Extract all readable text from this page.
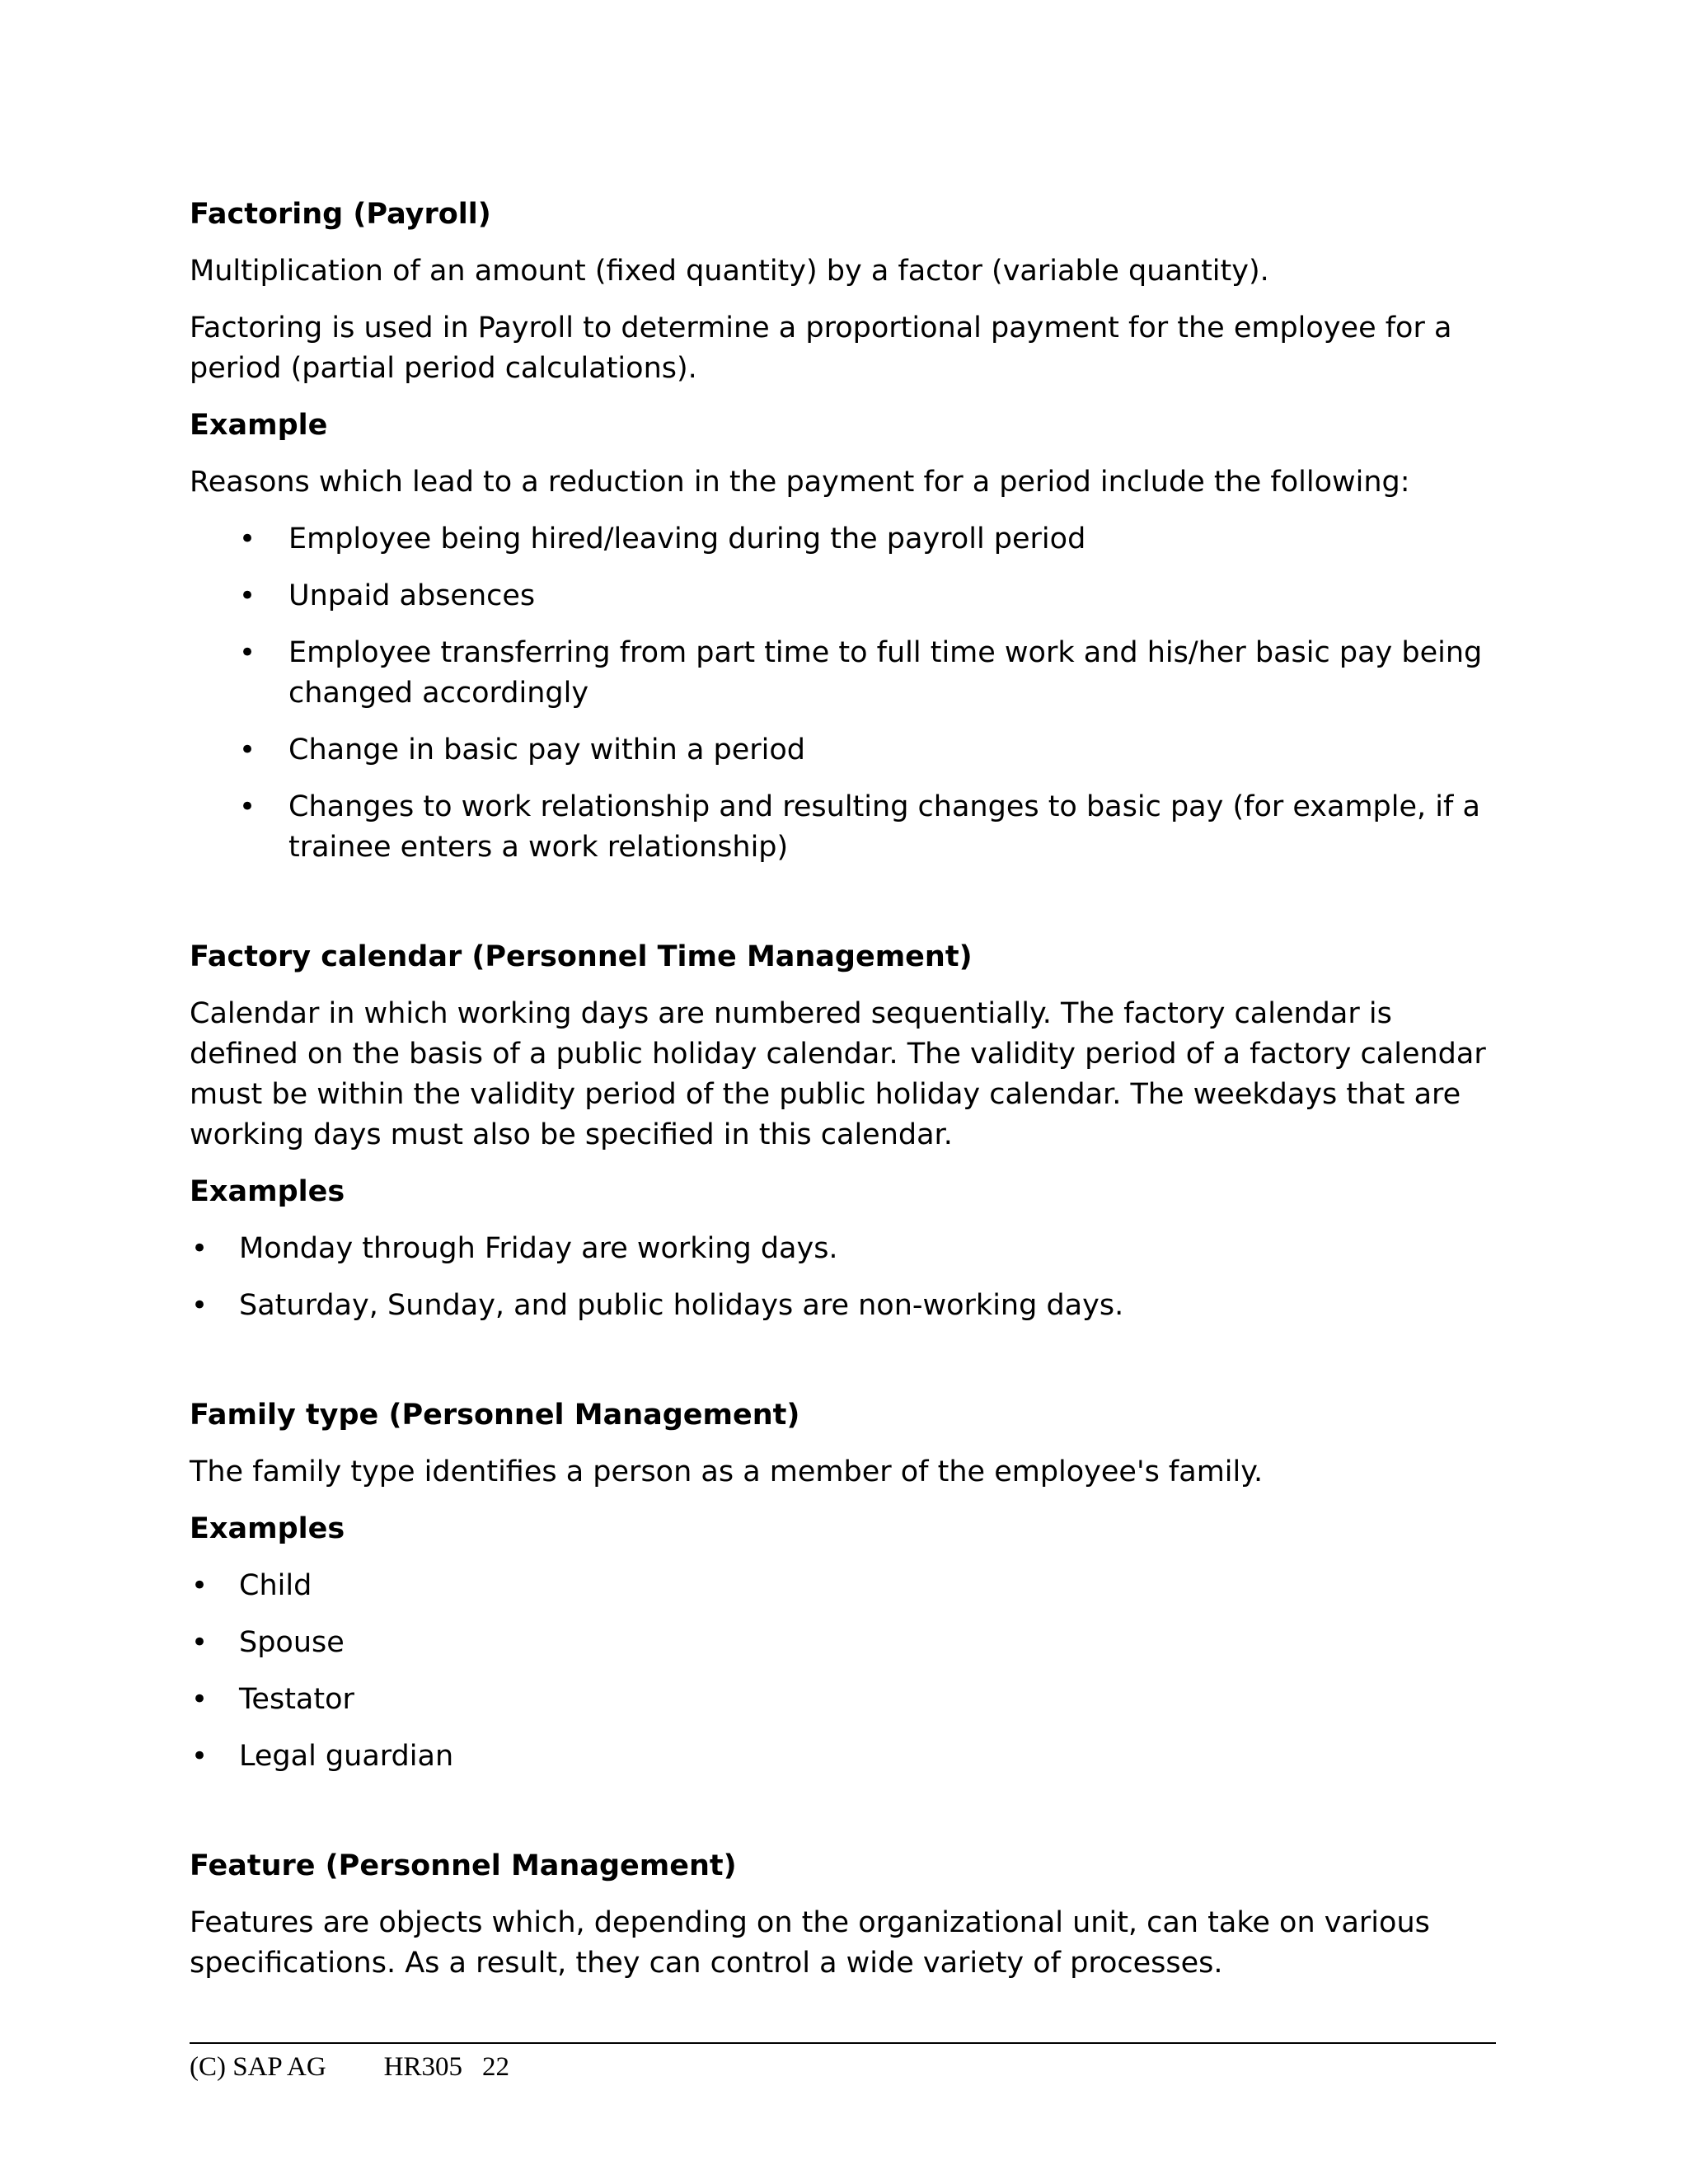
Factoring (Payroll)

Multiplication of an amount (fixed quantity) by a factor (variable quantity).

Factoring is used in Payroll to determine a proportional payment for the employee for a period (partial period calculations).

Example

Reasons which lead to a reduction in the payment for a period include the following:

• Employee being hired/leaving during the payroll period
• Unpaid absences
• Employee transferring from part time to full time work and his/her basic pay being changed accordingly
• Change in basic pay within a period
• Changes to work relationship and resulting changes to basic pay (for example, if a trainee enters a work relationship)

Factory calendar (Personnel Time Management)

Calendar in which working days are numbered sequentially. The factory calendar is defined on the basis of a public holiday calendar. The validity period of a factory calendar must be within the validity period of the public holiday calendar. The weekdays that are working days must also be specified in this calendar.

Examples

• Monday through Friday are working days.
• Saturday, Sunday, and public holidays are non-working days.

Family type (Personnel Management)

The family type identifies a person as a member of the employee's family.

Examples

• Child
• Spouse
• Testator
• Legal guardian

Feature (Personnel Management)

Features are objects which, depending on the organizational unit, can take on various specifications. As a result, they can control a wide variety of processes.

(C) SAP AG HR305 22
